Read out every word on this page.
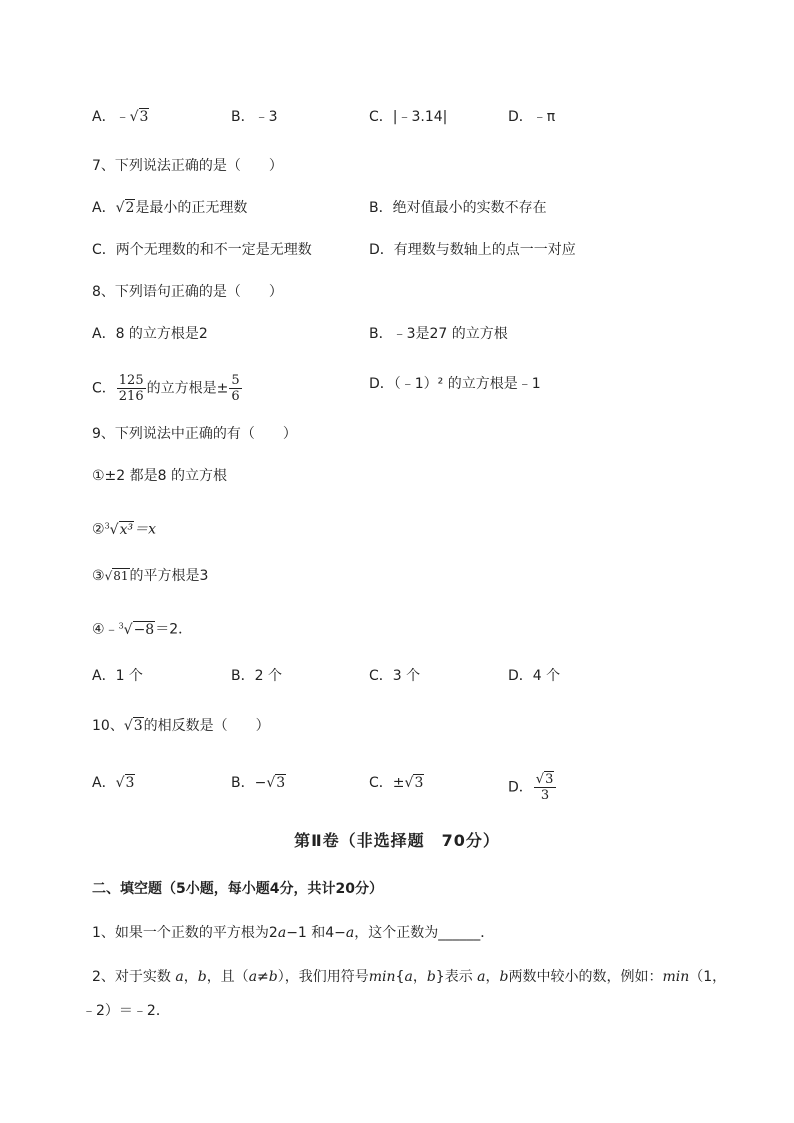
A．﹣√3	B．﹣3	C．|﹣3.14|	D．﹣π
7、下列说法正确的是（　　）
A．√2是最小的正无理数	B．绝对值最小的实数不存在
C．两个无理数的和不一定是无理数	D．有理数与数轴上的点一一对应
8、下列语句正确的是（　　）
A．8 的立方根是2	B．﹣3是27 的立方根
C． $\frac{125}{216}$ 的立方根是± $\frac{5}{6}$	D．（﹣1）² 的立方根是﹣1
9、下列说法中正确的有（　　）
①±2 都是8 的立方根
②$^3$√x³＝x
③√81的平方根是3
④﹣$^3$√−8＝2．
A．1 个	B．2 个	C．3 个	D．4 个
10、√3的相反数是（　　）
A．√3	B．−√3	C．±√3	D． $\frac{√3}{3}$
第Ⅱ卷（非选择题　70分）
二、填空题（5小题，每小题4分，共计20分）
1、如果一个正数的平方根为2a−1 和4−a，这个正数为______．
2、对于实数 a，b，且（a≠b），我们用符号min{a，b}表示 a，b两数中较小的数，例如：min（1，
﹣2）＝﹣2．
